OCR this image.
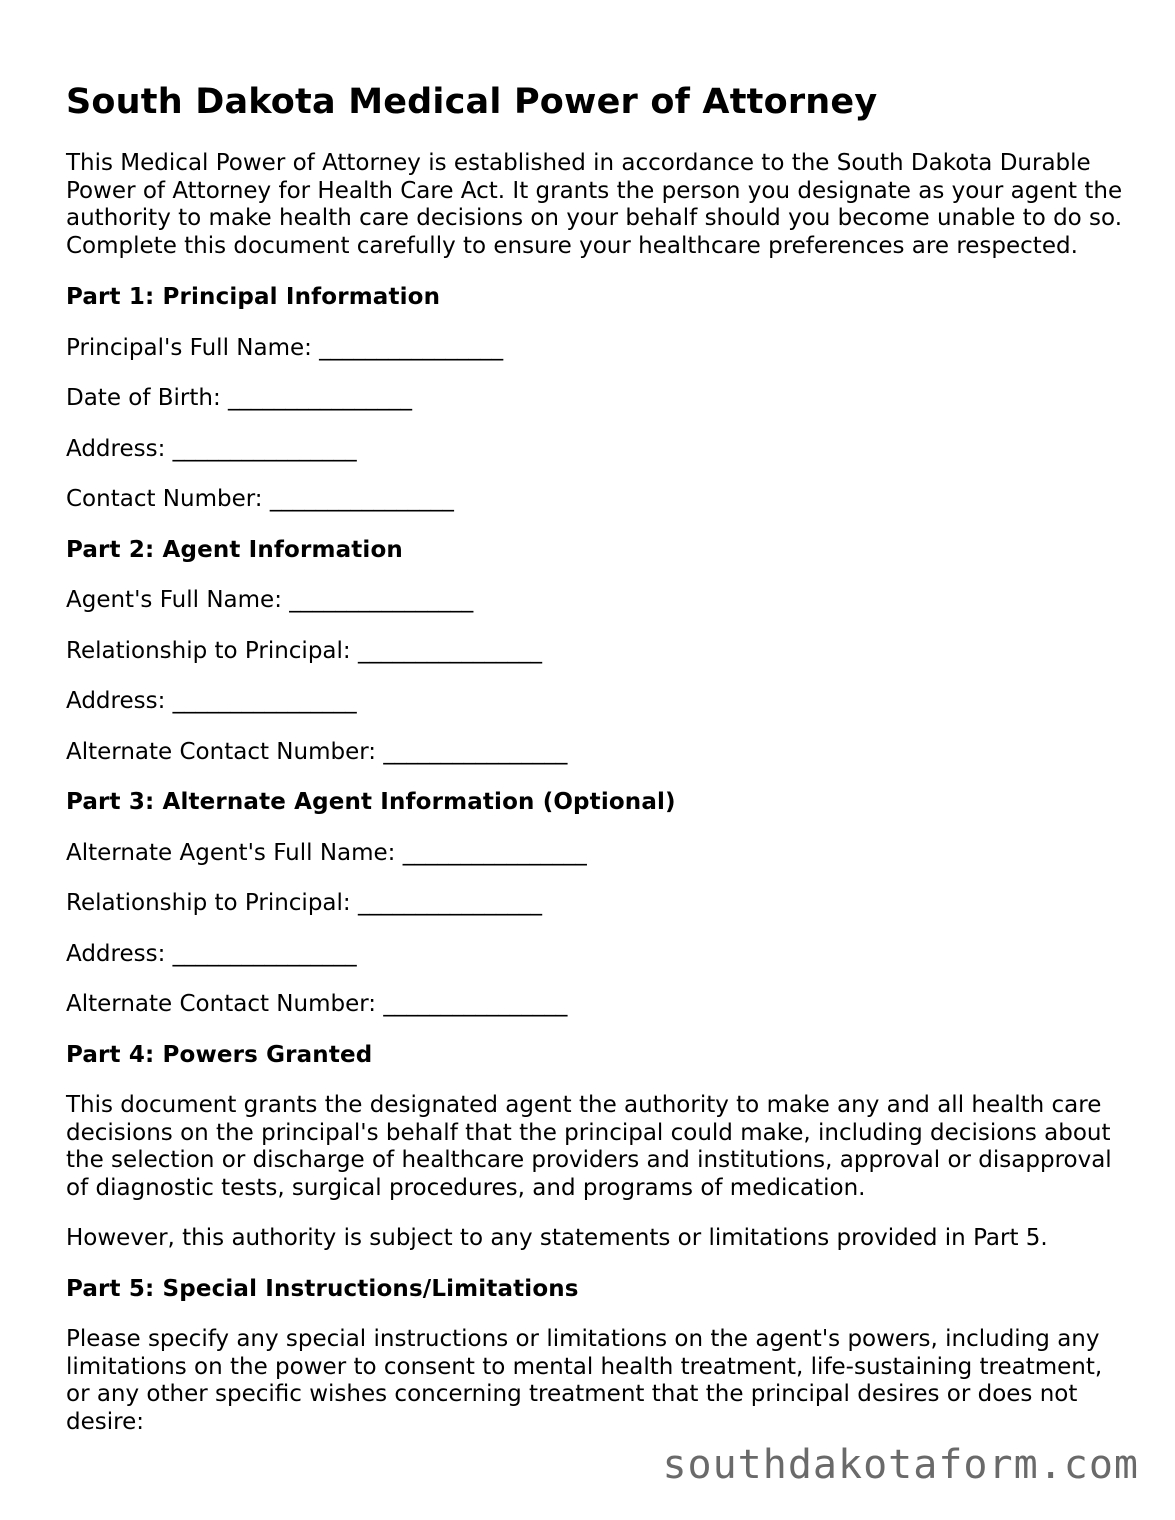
South Dakota Medical Power of Attorney

This Medical Power of Attorney is established in accordance to the South Dakota Durable Power of Attorney for Health Care Act. It grants the person you designate as your agent the authority to make health care decisions on your behalf should you become unable to do so. Complete this document carefully to ensure your healthcare preferences are respected.

Part 1: Principal Information

Principal's Full Name: ________________

Date of Birth: ________________

Address: ________________

Contact Number: ________________

Part 2: Agent Information

Agent's Full Name: ________________

Relationship to Principal: ________________

Address: ________________

Alternate Contact Number: ________________

Part 3: Alternate Agent Information (Optional)

Alternate Agent's Full Name: ________________

Relationship to Principal: ________________

Address: ________________

Alternate Contact Number: ________________

Part 4: Powers Granted

This document grants the designated agent the authority to make any and all health care decisions on the principal's behalf that the principal could make, including decisions about the selection or discharge of healthcare providers and institutions, approval or disapproval of diagnostic tests, surgical procedures, and programs of medication.

However, this authority is subject to any statements or limitations provided in Part 5.

Part 5: Special Instructions/Limitations

Please specify any special instructions or limitations on the agent's powers, including any limitations on the power to consent to mental health treatment, life-sustaining treatment, or any other specific wishes concerning treatment that the principal desires or does not desire:

southdakotaform.com
